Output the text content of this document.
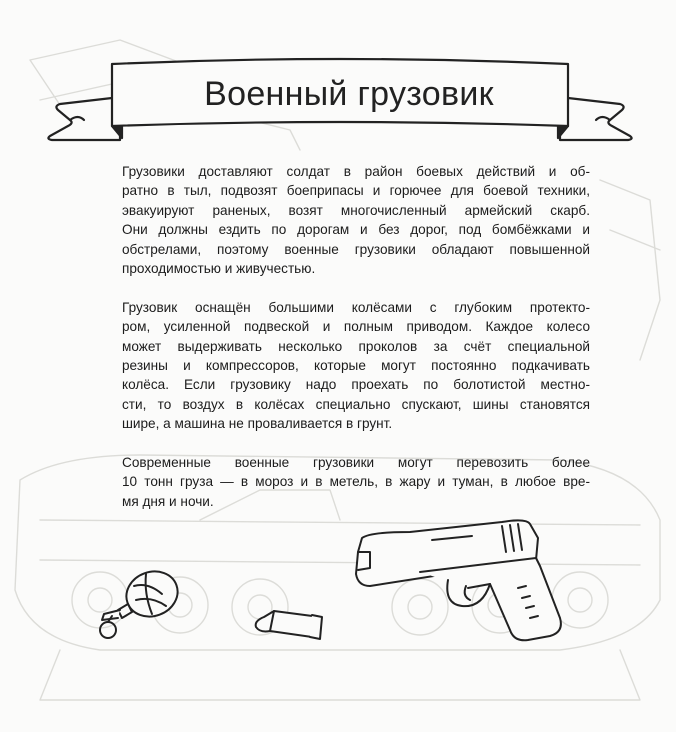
Военный грузовик

Грузовики доставляют солдат в район боевых действий и об-
ратно в тыл, подвозят боеприпасы и горючее для боевой техники,
эвакуируют раненых, возят многочисленный армейский скарб.
Они должны ездить по дорогам и без дорог, под бомбёжками и
обстрелами, поэтому военные грузовики обладают повышенной
проходимостью и живучестью.

Грузовик оснащён большими колёсами с глубоким протекто-
ром, усиленной подвеской и полным приводом. Каждое колесо
может выдерживать несколько проколов за счёт специальной
резины и компрессоров, которые могут постоянно подкачивать
колёса. Если грузовику надо проехать по болотистой местно-
сти, то воздух в колёсах специально спускают, шины становятся
шире, а машина не проваливается в грунт.

Современные военные грузовики могут перевозить более
10 тонн груза — в мороз и в метель, в жару и туман, в любое вре-
мя дня и ночи.
